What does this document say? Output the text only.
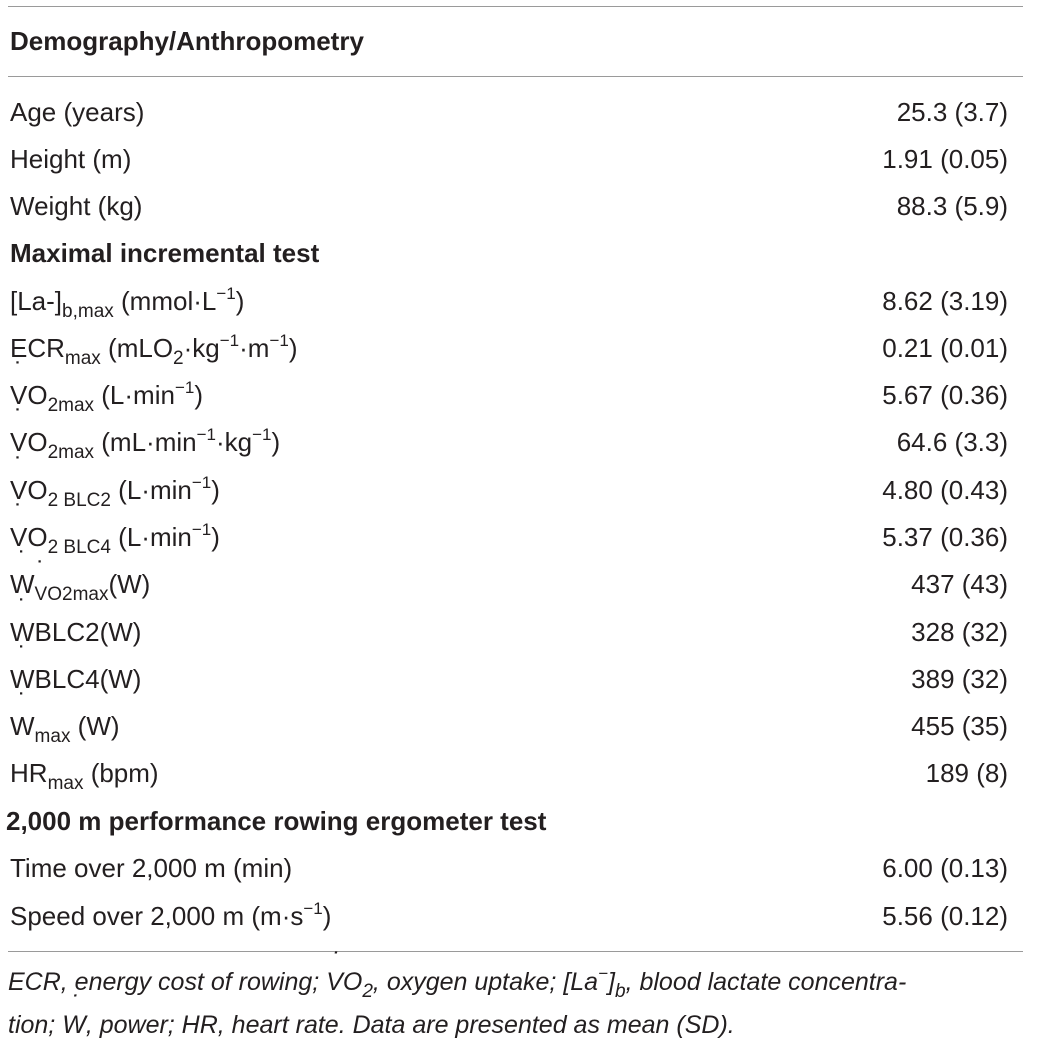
Demography/Anthropometry
Age (years)	25.3 (3.7)
Height (m)	1.91 (0.05)
Weight (kg)	88.3 (5.9)
Maximal incremental test
$[La-]_{b,max}$ $(mmol\cdot L^{-1})$	8.62 (3.19)
$ECR_{max}$ $(mLO_2\cdot kg^{-1}\cdot m^{-1})$	0.21 (0.01)
˙ $VO_{2max}$ $(L\cdot\min^{-1})$	5.67 (0.36)
˙ $VO_{2max}$ $(mL\cdot\min^{-1}\cdot kg^{-1})$	64.6 (3.3)
˙ $VO_{2 BLC2}$ $(L\cdot\min^{-1})$	4.80 (0.43)
˙ $VO_{2 BLC4}$ $(L\cdot\min^{-1})$	5.37 (0.36)
˙ W˙ $_{VO2max}$(W)	437 (43)
˙ WBLC2(W)	328 (32)
˙ WBLC4(W)	389 (32)
˙ $W_{max}$ (W)	455 (35)
$HR_{max}$ (bpm)	189 (8)
2,000 m performance rowing ergometer test
Time over 2,000 m (min)	6.00 (0.13)
Speed over 2,000 m $(m\cdot s^{-1})$	5.56 (0.12)
ECR, energy cost of rowing; ˙ $VO_2$, oxygen uptake; $[La^-]_b$, blood lactate concentra-
tion; ˙ W, power; HR, heart rate. Data are presented as mean (SD).
